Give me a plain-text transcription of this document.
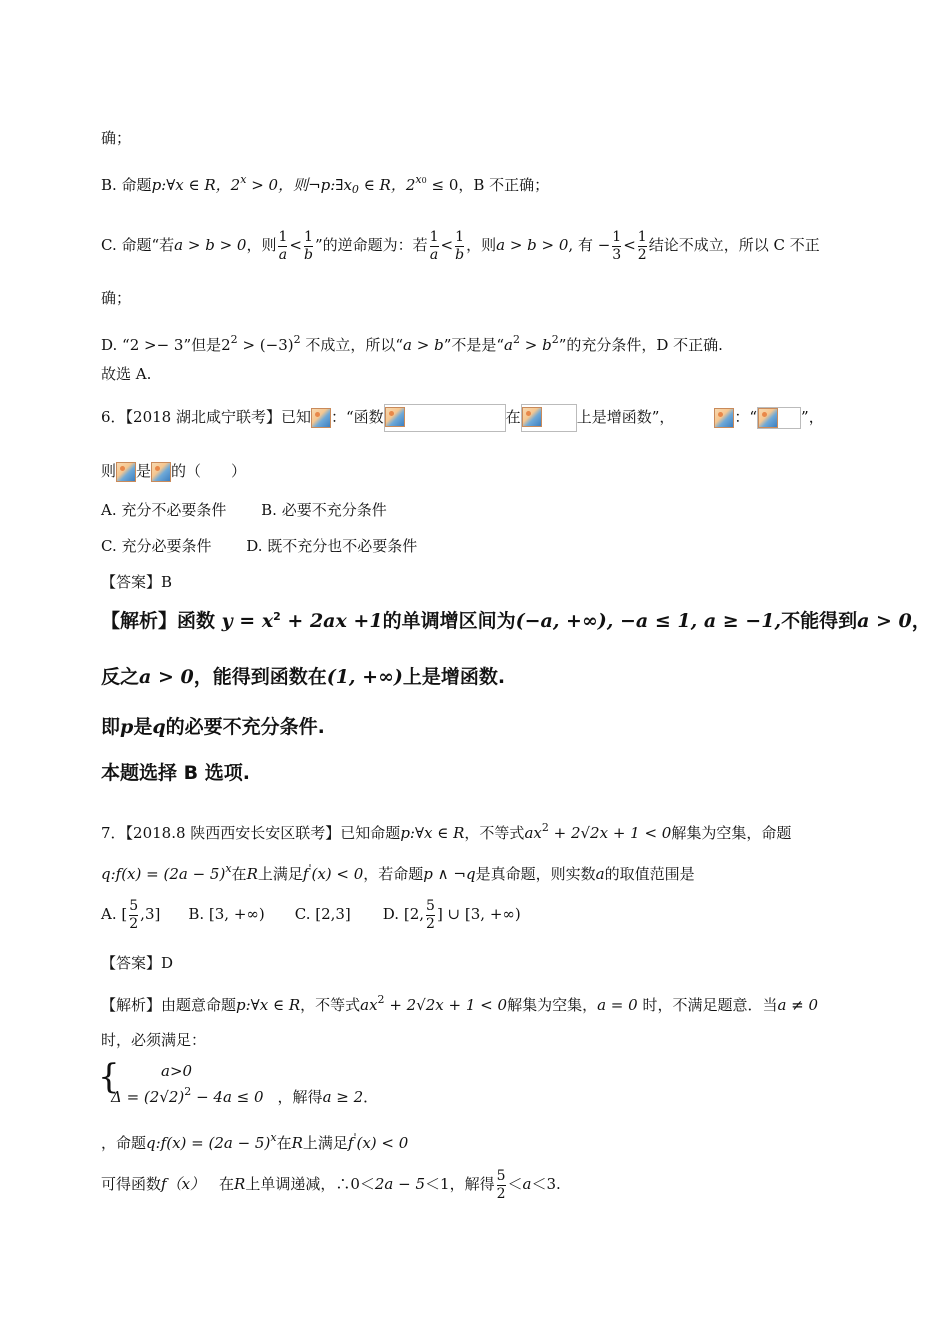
确；
B. 命题p:∀x ∈ R，$2^x > 0$，则$\neg p:\exists x_0$ ∈ R，$2^{x0} \le 0$，B 不正确；
C. 命题“若a > b > 0，则 $\frac{1}{a} < \frac{1}{b}$ ”的逆命题为：若 $\frac{1}{a} < \frac{1}{b}$ ，则a > b > 0, 有 − $\frac{1}{3} < \frac{1}{2}$ 结论不成立，所以 C 不正
确；
D. “2 >− 3”但是$2^2 > (-3)^2$ 不成立，所以“a > b”不是是“$a^2 > b^2$”的充分条件，D 不正确.
故选 A.
6．【2018 湖北咸宁联考】已知 ：“函数	在	上是增函数”，	：“	”，
则 是 的（　　）
A. 充分不必要条件　　 B. 必要不充分条件
C. 充分必要条件　　 D. 既不充分也不必要条件
【答案】B
【解析】函数 $y = x^2 + 2ax +1$的单调增区间为(−a, +∞), −a ≤ 1, a ≥ −1,不能得到a > 0，
反之a > 0，能得到函数在(1, +∞)上是增函数.
即p是q的必要不充分条件.
本题选择 B 选项.
7．【2018.8 陕西西安长安区联考】已知命题p:∀x ∈ R，不等式$ax^2 + 2√2x + 1 < 0$解集为空集，命题
q:f(x) = $(2a - 5)^x$在R上满足f'(x) < 0，若命题p ∧ ¬q是真命题，则实数a的取值范围是
A. [ $\frac{5}{2} ,3$] B. [3, +∞) C. [2,3] D. [2, $\frac{5}{2}$ ] ∪ [3, +∞)
【答案】D
【解析】由题意命题p:∀x ∈ R，不等式$ax^2 + 2√2x + 1 < 0$解集为空集，a = 0 时，不满足题意．当a ≠ 0
时，必须满足：
{	a>0
$\Delta = (2√2)^2 - 4a \le 0$ ，解得a ≥ 2．
，命题q:f(x) = $(2a - 5)^x$在R上满足f'(x) < 0
可得函数f（x） 在R上单调递减，∴0＜2a − 5＜1，解得 $\frac{5}{2} <a<3$.
